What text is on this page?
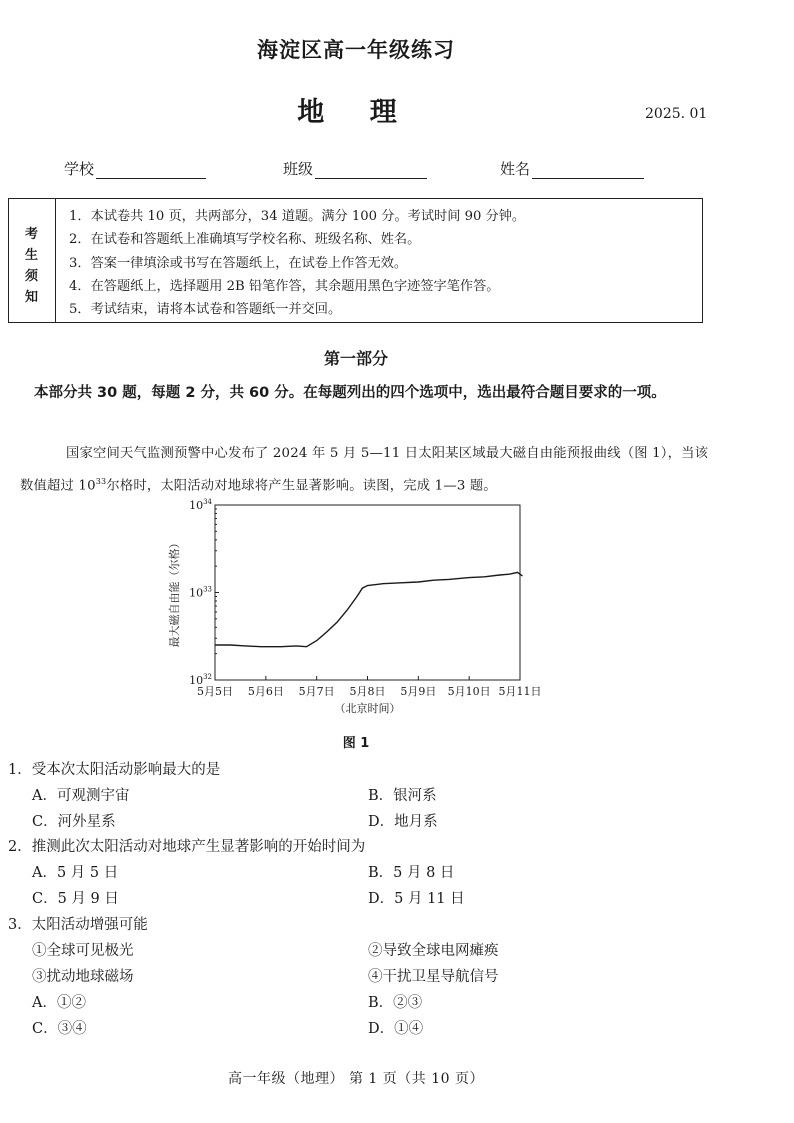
海淀区高一年级练习
地 理	2025. 01
学校	班级	姓名
考
生
须
知
1．本试卷共 10 页，共两部分，34 道题。满分 100 分。考试时间 90 分钟。
2．在试卷和答题纸上准确填写学校名称、班级名称、姓名。
3．答案一律填涂或书写在答题纸上，在试卷上作答无效。
4．在答题纸上，选择题用 2B 铅笔作答，其余题用黑色字迹签字笔作答。
5．考试结束，请将本试卷和答题纸一并交回。
第一部分
本部分共 30 题，每题 2 分，共 60 分。在每题列出的四个选项中，选出最符合题目要求的一项。
国家空间天气监测预警中心发布了 2024 年 5 月 5—11 日太阳某区域最大磁自由能预报曲线（图 1），当该数值超过 $10^{33}$尔格时，太阳活动对地球将产生显著影响。读图，完成 1—3 题。
5月5日 5月6日 5月7日 5月8日 5月9日 5月10日 5月11日
$10^{32}$
$10^{33}$
$10^{34}$
最大磁自由能（尔格）
（北京时间）
图 1
1．受本次太阳活动影响最大的是
A．可观测宇宙	B．银河系
C．河外星系	D．地月系
2．推测此次太阳活动对地球产生显著影响的开始时间为
A．5 月 5 日	B．5 月 8 日
C．5 月 9 日	D．5 月 11 日
3．太阳活动增强可能
①全球可见极光	②导致全球电网瘫痪
③扰动地球磁场	④干扰卫星导航信号
A．①②	B．②③
C．③④	D．①④
高一年级（地理） 第 1 页（共 10 页）
